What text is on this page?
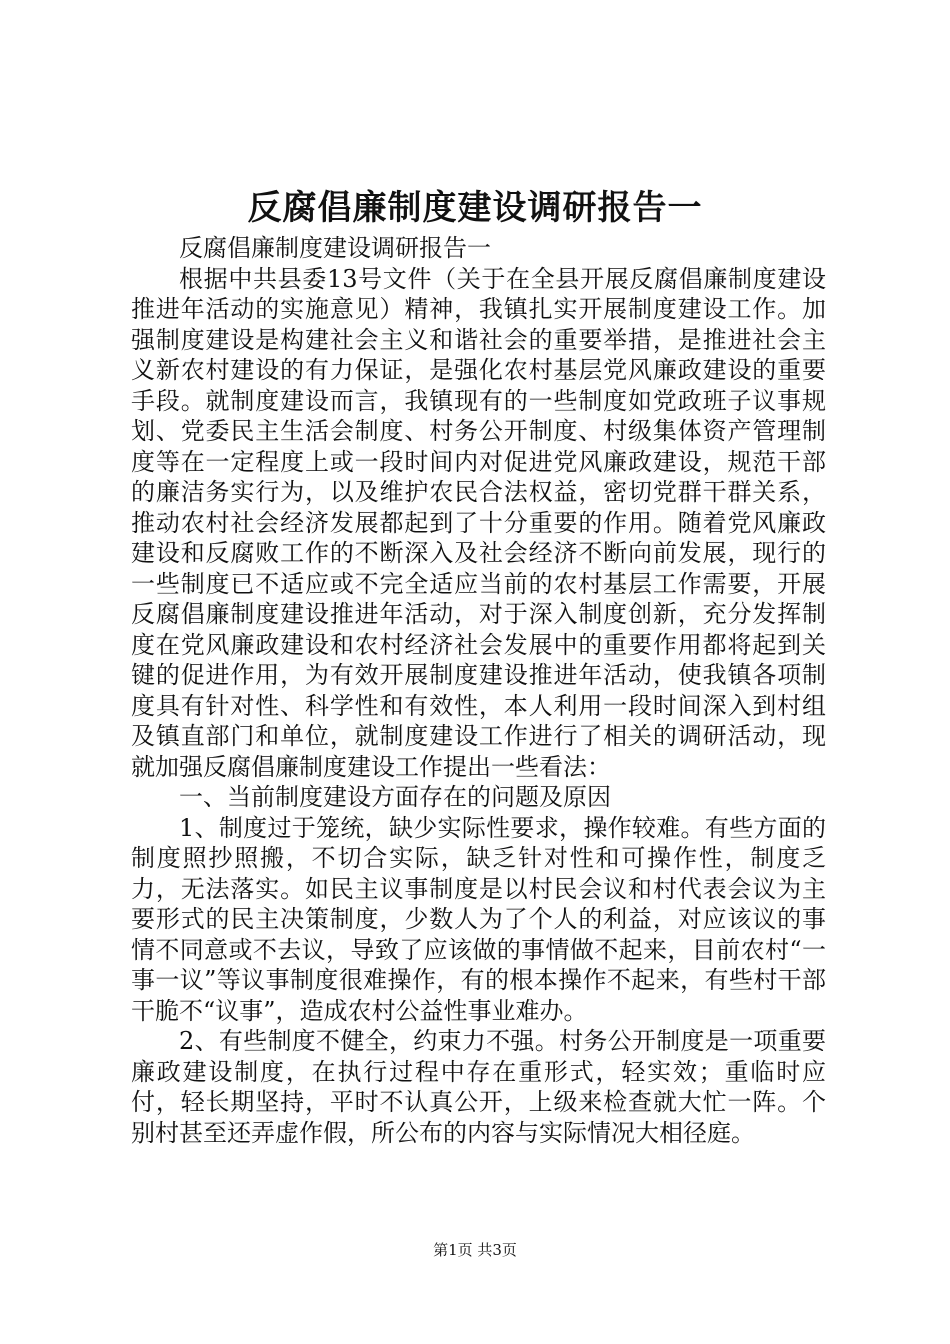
反腐倡廉制度建设调研报告一

反腐倡廉制度建设调研报告一

根据中共县委13号文件（关于在全县开展反腐倡廉制度建设推进年活动的实施意见）精神，我镇扎实开展制度建设工作。加强制度建设是构建社会主义和谐社会的重要举措，是推进社会主义新农村建设的有力保证，是强化农村基层党风廉政建设的重要手段。就制度建设而言，我镇现有的一些制度如党政班子议事规划、党委民主生活会制度、村务公开制度、村级集体资产管理制度等在一定程度上或一段时间内对促进党风廉政建设，规范干部的廉洁务实行为，以及维护农民合法权益，密切党群干群关系，推动农村社会经济发展都起到了十分重要的作用。随着党风廉政建设和反腐败工作的不断深入及社会经济不断向前发展，现行的一些制度已不适应或不完全适应当前的农村基层工作需要，开展反腐倡廉制度建设推进年活动，对于深入制度创新，充分发挥制度在党风廉政建设和农村经济社会发展中的重要作用都将起到关键的促进作用，为有效开展制度建设推进年活动，使我镇各项制度具有针对性、科学性和有效性，本人利用一段时间深入到村组及镇直部门和单位，就制度建设工作进行了相关的调研活动，现就加强反腐倡廉制度建设工作提出一些看法：

一、当前制度建设方面存在的问题及原因

1、制度过于笼统，缺少实际性要求，操作较难。有些方面的制度照抄照搬，不切合实际，缺乏针对性和可操作性，制度乏力，无法落实。如民主议事制度是以村民会议和村代表会议为主要形式的民主决策制度，少数人为了个人的利益，对应该议的事情不同意或不去议，导致了应该做的事情做不起来，目前农村“一事一议”等议事制度很难操作，有的根本操作不起来，有些村干部干脆不“议事”，造成农村公益性事业难办。

2、有些制度不健全，约束力不强。村务公开制度是一项重要廉政建设制度，在执行过程中存在重形式，轻实效；重临时应付，轻长期坚持，平时不认真公开，上级来检查就大忙一阵。个别村甚至还弄虚作假，所公布的内容与实际情况大相径庭。

第1页 共3页
